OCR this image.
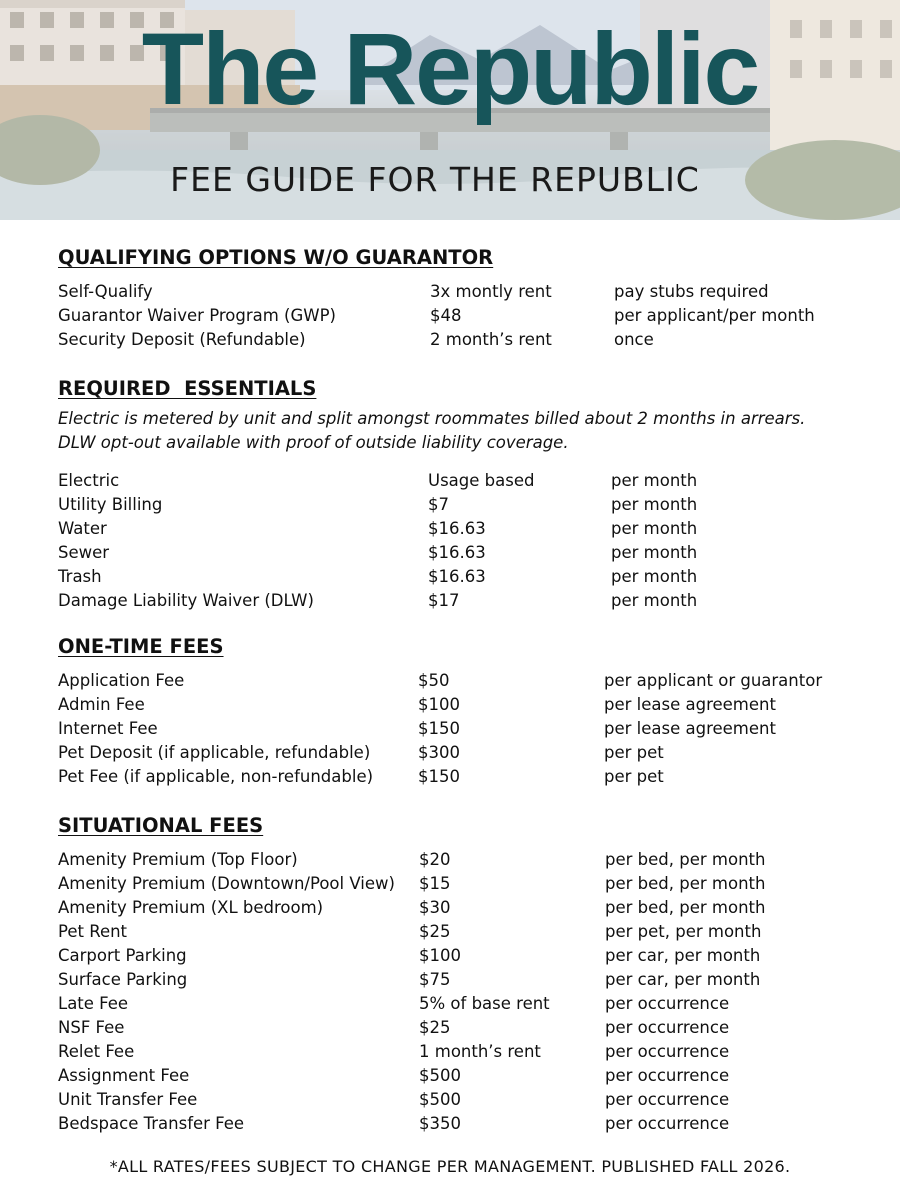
The Republic
FEE GUIDE FOR THE REPUBLIC
QUALIFYING OPTIONS W/O GUARANTOR
Self-Qualify	3x montly rent	pay stubs required
Guarantor Waiver Program (GWP)	$48	per applicant/per month
Security Deposit (Refundable)	2 month’s rent	once
REQUIRED  ESSENTIALS
Electric is metered by unit and split amongst roommates billed about 2 months in arrears.
DLW opt-out available with proof of outside liability coverage.
Electric	Usage based	per month
Utility Billing	$7	per month
Water	$16.63	per month
Sewer	$16.63	per month
Trash	$16.63	per month
Damage Liability Waiver (DLW)	$17	per month
ONE-TIME FEES
Application Fee	$50	per applicant or guarantor
Admin Fee	$100	per lease agreement
Internet Fee	$150	per lease agreement
Pet Deposit (if applicable, refundable)	$300	per pet
Pet Fee (if applicable, non-refundable)	$150	per pet
SITUATIONAL FEES
Amenity Premium (Top Floor)	$20	per bed, per month
Amenity Premium (Downtown/Pool View) $15	per bed, per month
Amenity Premium (XL bedroom)	$30	per bed, per month
Pet Rent	$25	per pet, per month
Carport Parking	$100	per car, per month
Surface Parking	$75	per car, per month
Late Fee	5% of base rent	per occurrence
NSF Fee	$25	per occurrence
Relet Fee	1 month’s rent	per occurrence
Assignment Fee	$500	per occurrence
Unit Transfer Fee	$500	per occurrence
Bedspace Transfer Fee	$350	per occurrence
*ALL RATES/FEES SUBJECT TO CHANGE PER MANAGEMENT. PUBLISHED FALL 2026.
